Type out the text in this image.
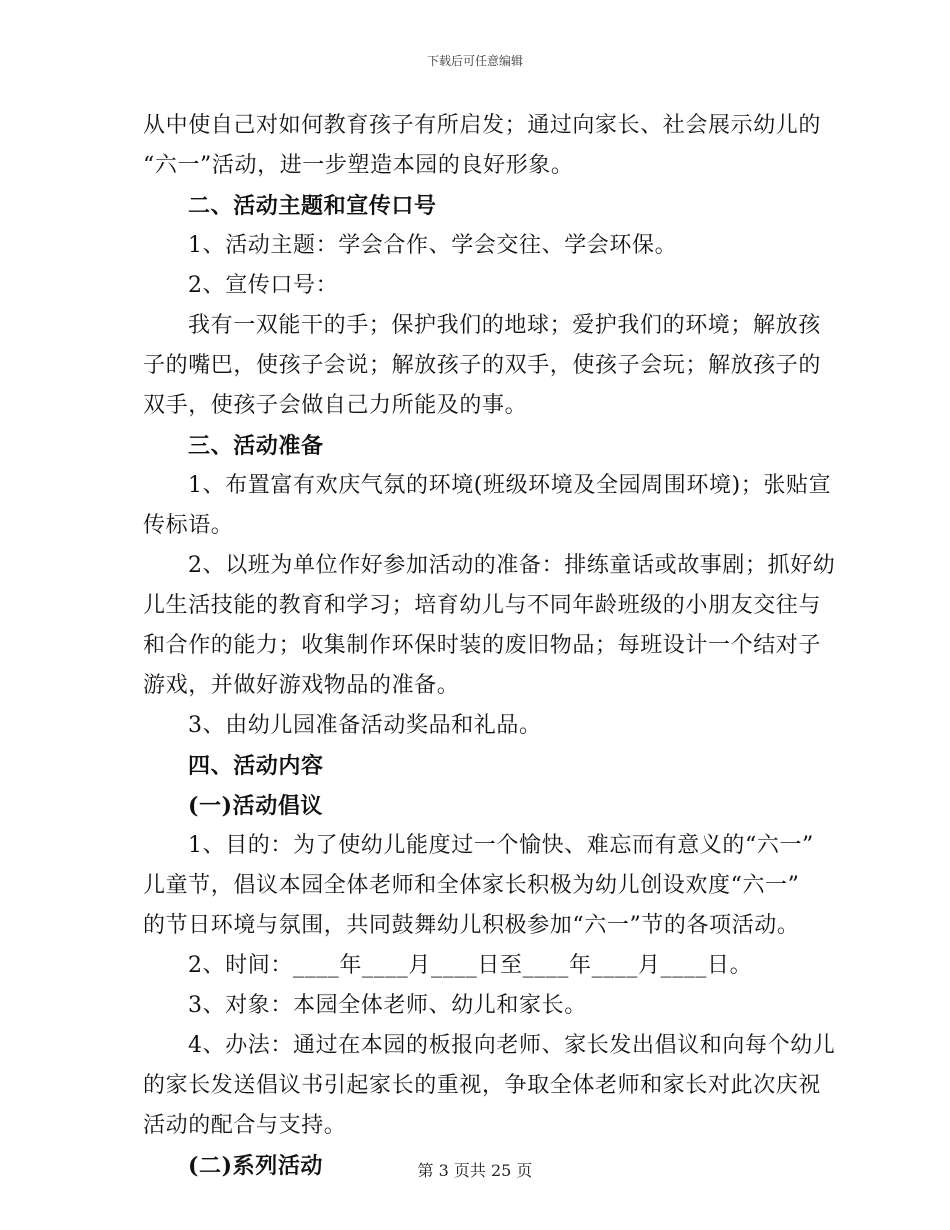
下载后可任意编辑
从中使自己对如何教育孩子有所启发；通过向家长、社会展示幼儿的
“六一”活动，进一步塑造本园的良好形象。
二、活动主题和宣传口号
1、活动主题：学会合作、学会交往、学会环保。
2、宣传口号：
我有一双能干的手；保护我们的地球；爱护我们的环境；解放孩
子的嘴巴，使孩子会说；解放孩子的双手，使孩子会玩；解放孩子的
双手，使孩子会做自己力所能及的事。
三、活动准备
1、布置富有欢庆气氛的环境(班级环境及全园周围环境)；张贴宣
传标语。
2、以班为单位作好参加活动的准备：排练童话或故事剧；抓好幼
儿生活技能的教育和学习；培育幼儿与不同年龄班级的小朋友交往与
和合作的能力；收集制作环保时装的废旧物品；每班设计一个结对子
游戏，并做好游戏物品的准备。
3、由幼儿园准备活动奖品和礼品。
四、活动内容
(一)活动倡议
1、目的：为了使幼儿能度过一个愉快、难忘而有意义的“六一”
儿童节，倡议本园全体老师和全体家长积极为幼儿创设欢度“六一”
的节日环境与氛围，共同鼓舞幼儿积极参加“六一”节的各项活动。
2、时间：____年____月____日至____年____月____日。
3、对象：本园全体老师、幼儿和家长。
4、办法：通过在本园的板报向老师、家长发出倡议和向每个幼儿
的家长发送倡议书引起家长的重视，争取全体老师和家长对此次庆祝
活动的配合与支持。
(二)系列活动	第 3 页共 25 页
